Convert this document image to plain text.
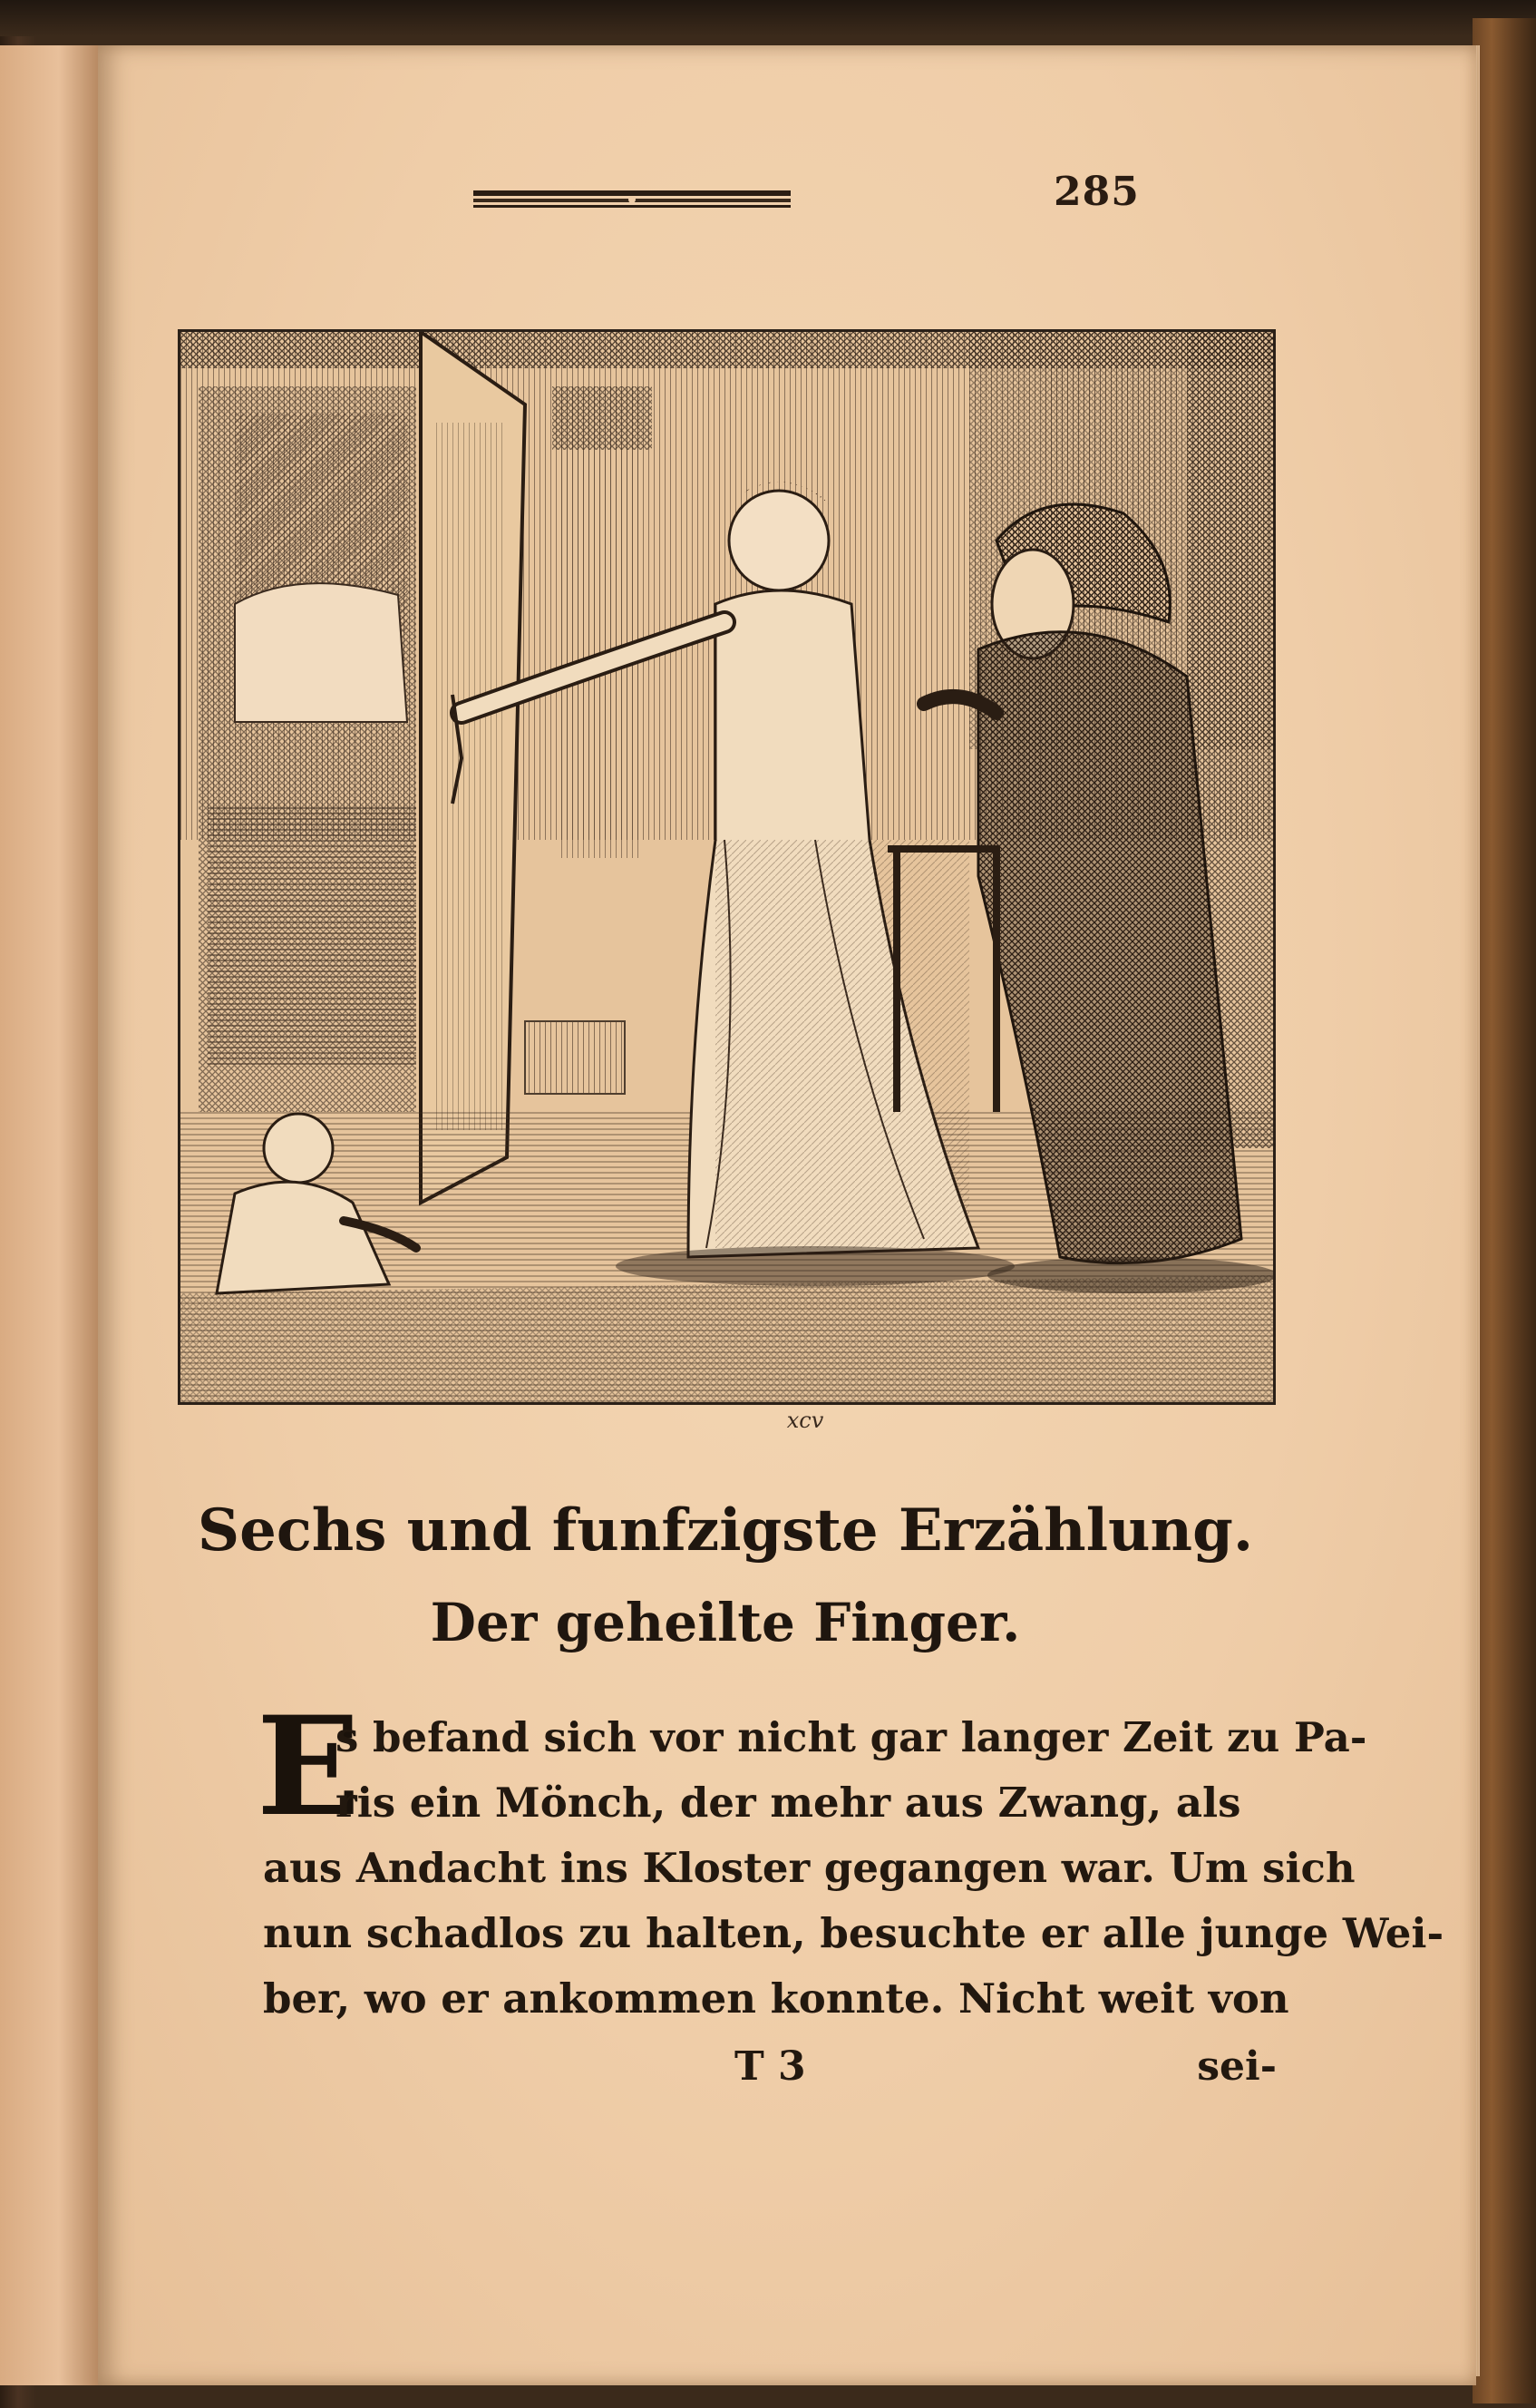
285
xcv
Sechs und funfzigste Erzählung.
Der geheilte Finger.
E
s befand sich vor nicht gar langer Zeit zu Pa-
ris ein Mönch, der mehr aus Zwang, als
aus Andacht ins Kloster gegangen war. Um sich
nun schadlos zu halten, besuchte er alle junge Wei-
ber, wo er ankommen konnte. Nicht weit von
T 3	sei-
